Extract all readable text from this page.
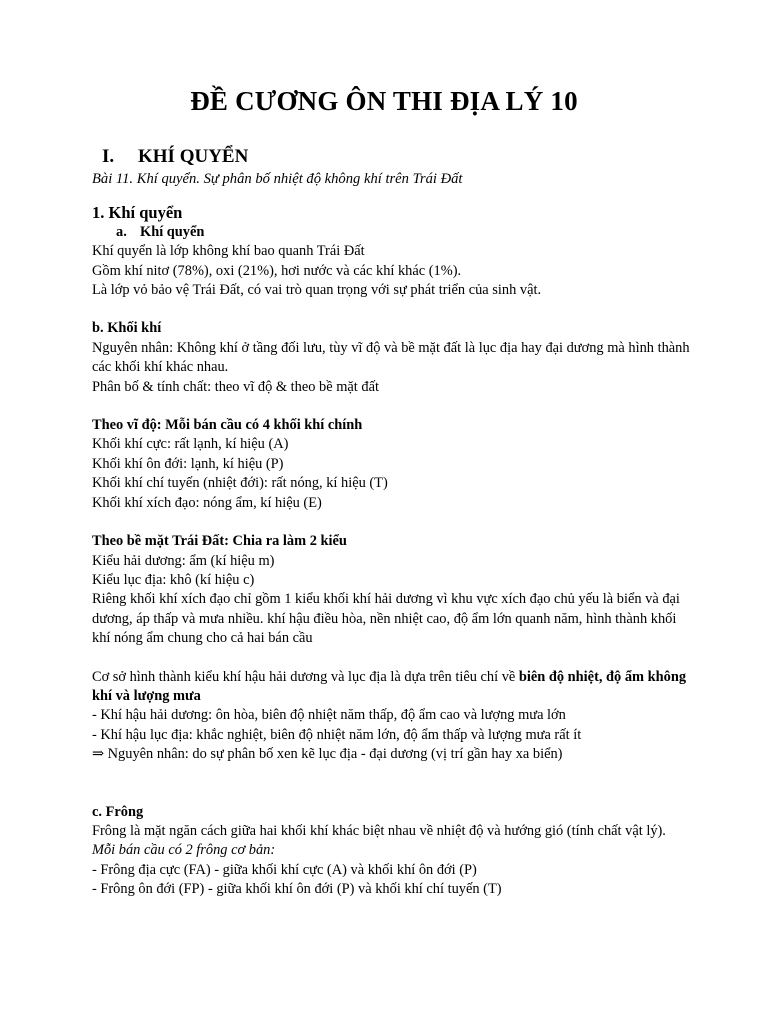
ĐỀ CƯƠNG ÔN THI ĐỊA LÝ 10
I. KHÍ QUYỂN

Bài 11. Khí quyển. Sự phân bố nhiệt độ không khí trên Trái Đất

1. Khí quyển

a. Khí quyển

Khí quyển là lớp không khí bao quanh Trái Đất

Gồm khí nitơ (78%), oxi (21%), hơi nước và các khí khác (1%).

Là lớp vỏ bảo vệ Trái Đất, có vai trò quan trọng với sự phát triển của sinh vật.

b. Khối khí

Nguyên nhân: Không khí ở tầng đối lưu, tùy vĩ độ và bề mặt đất là lục địa hay đại dương mà hình thành các khối khí khác nhau.

Phân bố & tính chất: theo vĩ độ & theo bề mặt đất

Theo vĩ độ: Mỗi bán cầu có 4 khối khí chính

Khối khí cực: rất lạnh, kí hiệu (A)

Khối khí ôn đới: lạnh, kí hiệu (P)

Khối khí chí tuyến (nhiệt đới): rất nóng, kí hiệu (T)

Khối khí xích đạo: nóng ẩm, kí hiệu (E)

Theo bề mặt Trái Đất: Chia ra làm 2 kiểu

Kiểu hải dương: ẩm (kí hiệu m)

Kiểu lục địa: khô (kí hiệu c)

Riêng khối khí xích đạo chỉ gồm 1 kiểu khối khí hải dương vì khu vực xích đạo chủ yếu là biển và đại dương, áp thấp và mưa nhiều. khí hậu điều hòa, nền nhiệt cao, độ ẩm lớn quanh năm, hình thành khối khí nóng ẩm chung cho cả hai bán cầu

Cơ sở hình thành kiểu khí hậu hải dương và lục địa là dựa trên tiêu chí về biên độ nhiệt, độ ẩm không khí và lượng mưa

- Khí hậu hải dương: ôn hòa, biên độ nhiệt năm thấp, độ ẩm cao và lượng mưa lớn

- Khí hậu lục địa: khắc nghiệt, biên độ nhiệt năm lớn, độ ẩm thấp và lượng mưa rất ít

⇒ Nguyên nhân: do sự phân bố xen kẽ lục địa - đại dương (vị trí gần hay xa biển)

c. Frông

Frông là mặt ngăn cách giữa hai khối khí khác biệt nhau về nhiệt độ và hướng gió (tính chất vật lý).

Mỗi bán cầu có 2 frông cơ bản:

- Frông địa cực (FA) - giữa khối khí cực (A) và khối khí ôn đới (P)

- Frông ôn đới (FP) - giữa khối khí ôn đới (P) và khối khí chí tuyến (T)
